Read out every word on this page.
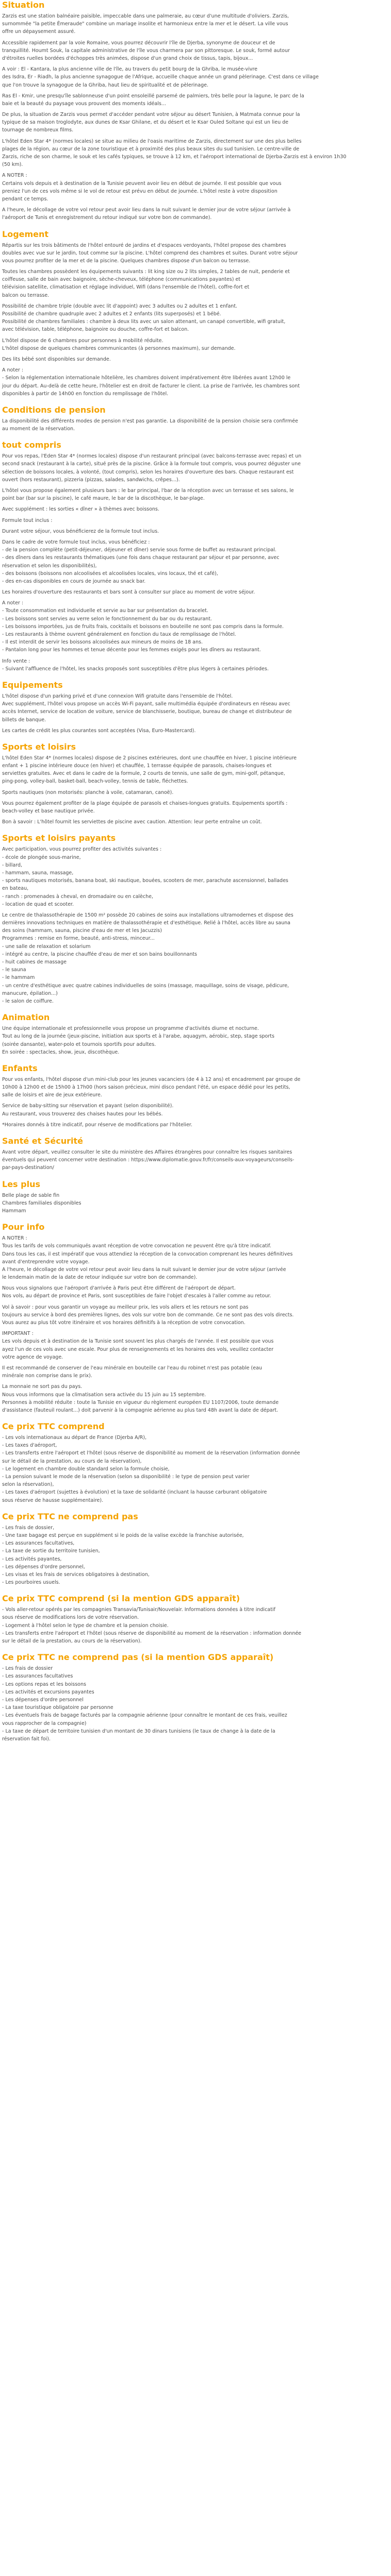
Situation

Zarzis est une station balnéaire paisible, impeccable dans une palmeraie, au cœur d'une multitude d'oliviers. Zarzis,
surnommée "la petite Émeraude" combine un mariage insolite et harmonieux entre la mer et le désert. La ville vous
offre un dépaysement assuré.

Accessible rapidement par la voie Romaine, vous pourrez découvrir l'île de Djerba, synonyme de douceur et de
tranquillité. Houmt Souk, la capitale administrative de l'île vous charmera par son pittoresque. Le souk, formé autour
d'étroites ruelles bordées d'échoppes très animées, dispose d'un grand choix de tissus, tapis, bijoux...

A voir : El - Kantara, la plus ancienne ville de l'île, au travers du petit bourg de la Ghriba, le musée-vivre
des Isdra, Er - Riadh, la plus ancienne synagogue de l'Afrique, accueille chaque année un grand pèlerinage. C'est dans ce village
que l'on trouve la synagogue de la Ghriba, haut lieu de spiritualité et de pèlerinage.

Ras El - Kmir, une presqu'île sablonneuse d'un point ensoleillé parsemé de palmiers, très belle pour la lagune, le parc de la
baie et la beauté du paysage vous prouvent des moments idéals...

De plus, la situation de Zarzis vous permet d'accéder pendant votre séjour au désert Tunisien, à Matmata connue pour la
typique de sa maison troglodyte, aux dunes de Ksar Ghilane, et du désert et le Ksar Ouled Soltane qui est un lieu de
tournage de nombreux films.

L'hôtel Eden Star 4* (normes locales) se situe au milieu de l'oasis maritime de Zarzis, directement sur une des plus belles
plages de la région, au cœur de la zone touristique et à proximité des plus beaux sites du sud tunisien. Le centre-ville de
Zarzis, riche de son charme, le souk et les cafés typiques, se trouve à 12 km, et l'aéroport international de Djerba-Zarzis est à environ 1h30
(50 km).

A NOTER :
Certains vols depuis et à destination de la Tunisie peuvent avoir lieu en début de journée. Il est possible que vous
preniez l'un de ces vols même si le vol de retour est prévu en début de journée. L'hôtel reste à votre disposition
pendant ce temps.

A l'heure, le décollage de votre vol retour peut avoir lieu dans la nuit suivant le dernier jour de votre séjour (arrivée à
l'aéroport de Tunis et enregistrement du retour indiqué sur votre bon de commande).

Logement

Répartis sur les trois bâtiments de l'hôtel entouré de jardins et d'espaces verdoyants, l'hôtel propose des chambres
doubles avec vue sur le jardin, tout comme sur la piscine. L'hôtel comprend des chambres et suites. Durant votre séjour
vous pourrez profiter de la mer et de la piscine. Quelques chambres dispose d'un balcon ou terrasse.

Toutes les chambres possèdent les équipements suivants : lit king size ou 2 lits simples, 2 tables de nuit, penderie et
coiffeuse, salle de bain avec baignoire, sèche-cheveux, téléphone (communications payantes) et
télévision satellite, climatisation et réglage individuel, Wifi (dans l'ensemble de l'hôtel), coffre-fort et
balcon ou terrasse.

Possibilité de chambre triple (double avec lit d'appoint) avec 3 adultes ou 2 adultes et 1 enfant.
Possibilité de chambre quadruple avec 2 adultes et 2 enfants (lits superposés) et 1 bébé.
Possibilité de chambres familiales : chambre à deux lits avec un salon attenant, un canapé convertible, wifi gratuit,
avec télévision, table, téléphone, baignoire ou douche, coffre-fort et balcon.

L'hôtel dispose de 6 chambres pour personnes à mobilité réduite.
L'hôtel dispose de quelques chambres communicantes (à personnes maximum), sur demande.

Des lits bébé sont disponibles sur demande.

A noter :
- Selon la réglementation internationale hôtelière, les chambres doivent impérativement être libérées avant 12h00 le
jour du départ. Au-delà de cette heure, l'hôtelier est en droit de facturer le client. La prise de l'arrivée, les chambres sont
disponibles à partir de 14h00 en fonction du remplissage de l'hôtel.

Conditions de pension

La disponibilité des différents modes de pension n'est pas garantie. La disponibilité de la pension choisie sera confirmée
au moment de la réservation.

tout compris

Pour vos repas, l'Eden Star 4* (normes locales) dispose d'un restaurant principal (avec balcons-terrasse avec repas) et un
second snack (restaurant à la carte), situé près de la piscine. Grâce à la formule tout compris, vous pourrez déguster une
sélection de boissons locales, à volonté, (tout compris), selon les horaires d'ouverture des bars. Chaque restaurant est
ouvert (hors restaurant), pizzeria (pizzas, salades, sandwichs, crêpes...).

L'hôtel vous propose également plusieurs bars : le bar principal, l'bar de la réception avec un terrasse et ses salons, le
point bar (bar sur la piscine), le café maure, le bar de la discothèque, le bar-plage.

Avec supplément : les sorties « dîner » à thèmes avec boissons.

Formule tout inclus :

Durant votre séjour, vous bénéficierez de la formule tout inclus.

Dans le cadre de votre formule tout inclus, vous bénéficiez :
- de la pension complète (petit-déjeuner, déjeuner et dîner) servie sous forme de buffet au restaurant principal.
- des dîners dans les restaurants thématiques (une fois dans chaque restaurant par séjour et par personne, avec
réservation et selon les disponibilités),
- des boissons (boissons non alcoolisées et alcoolisées locales, vins locaux, thé et café),
- des en-cas disponibles en cours de journée au snack bar.

Les horaires d'ouverture des restaurants et bars sont à consulter sur place au moment de votre séjour.

A noter :
- Toute consommation est individuelle et servie au bar sur présentation du bracelet.
- Les boissons sont servies au verre selon le fonctionnement du bar ou du restaurant.
- Les boissons importées, jus de fruits frais, cocktails et boissons en bouteille ne sont pas compris dans la formule.
- Les restaurants à thème ouvrent généralement en fonction du taux de remplissage de l'hôtel.
- Il est interdit de servir les boissons alcoolisées aux mineurs de moins de 18 ans.
- Pantalon long pour les hommes et tenue décente pour les femmes exigés pour les dîners au restaurant.

Info vente :
- Suivant l'affluence de l'hôtel, les snacks proposés sont susceptibles d'être plus légers à certaines périodes.

Equipements

L'hôtel dispose d'un parking privé et d'une connexion Wifi gratuite dans l'ensemble de l'hôtel.
Avec supplément, l'hôtel vous propose un accès Wi-Fi payant, salle multimédia équipée d'ordinateurs en réseau avec
accès Internet, service de location de voiture, service de blanchisserie, boutique, bureau de change et distributeur de
billets de banque.

Les cartes de crédit les plus courantes sont acceptées (Visa, Euro-Mastercard).

Sports et loisirs

L'hôtel Eden Star 4* (normes locales) dispose de 2 piscines extérieures, dont une chauffée en hiver, 1 piscine intérieure
enfant + 1 piscine intérieure douce (en hiver) et chauffée, 1 terrasse équipée de parasols, chaises-longues et
serviettes gratuites. Avec et dans le cadre de la formule, 2 courts de tennis, une salle de gym, mini-golf, pétanque,
ping-pong, volley-ball, basket-ball, beach-volley, tennis de table, fléchettes.

Sports nautiques (non motorisés: planche à voile, catamaran, canoë).

Vous pourrez également profiter de la plage équipée de parasols et chaises-longues gratuits. Equipements sportifs :
beach-volley et base nautique privée.

Bon à savoir : L'hôtel fournit les serviettes de piscine avec caution. Attention: leur perte entraîne un coût.

Sports et loisirs payants

Avec participation, vous pourrez profiter des activités suivantes :
- école de plongée sous-marine,
- billard,
- hammam, sauna, massage,
- sports nautiques motorisés, banana boat, ski nautique, bouées, scooters de mer, parachute ascensionnel, ballades
en bateau,
- ranch : promenades à cheval, en dromadaire ou en calèche,
- location de quad et scooter.

Le centre de thalassothérapie de 1500 m² possède 20 cabines de soins aux installations ultramodernes et dispose des
dernières innovations techniques en matière de thalassothérapie et d'esthétique. Relié à l'hôtel, accès libre au sauna
des soins (hammam, sauna, piscine d'eau de mer et les Jacuzzis)
Programmes : remise en forme, beauté, anti-stress, minceur...
- une salle de relaxation et solarium
- intégré au centre, la piscine chauffée d'eau de mer et son bains bouillonnants
- huit cabines de massage
- le sauna
- le hammam
- un centre d'esthétique avec quatre cabines individuelles de soins (massage, maquillage, soins de visage, pédicure,
manucure, épilation...)
- le salon de coiffure.

Animation

Une équipe internationale et professionnelle vous propose un programme d'activités diurne et nocturne.
Tout au long de la journée (jeux-piscine, initiation aux sports et à l'arabe, aquagym, aérobic, step, stage sports
(soirée dansante), water-polo et tournois sportifs pour adultes.
En soirée : spectacles, show, jeux, discothèque.

Enfants

Pour vos enfants, l'hôtel dispose d'un mini-club pour les jeunes vacanciers (de 4 à 12 ans) et encadrement par groupe de
10h00 à 12h00 et de 15h00 à 17h00 (hors saison précieux, mini disco pendant l'été, un espace dédié pour les petits,
salle de loisirs et aire de jeux extérieure.

Service de baby-sitting sur réservation et payant (selon disponibilité).
Au restaurant, vous trouverez des chaises hautes pour les bébés.

*Horaires donnés à titre indicatif, pour réserve de modifications par l'hôtelier.

Santé et Sécurité

Avant votre départ, veuillez consulter le site du ministère des Affaires étrangères pour connaître les risques sanitaires
éventuels qui peuvent concerner votre destination : https://www.diplomatie.gouv.fr/fr/conseils-aux-voyageurs/conseils-
par-pays-destination/

Les plus

Belle plage de sable fin
Chambres familiales disponibles
Hammam

Pour info

A NOTER :
Tous les tarifs de vols communiqués avant réception de votre convocation ne peuvent être qu'à titre indicatif.
Dans tous les cas, il est impératif que vous attendiez la réception de la convocation comprenant les heures définitives
avant d'entreprendre votre voyage.
A l'heure, le décollage de votre vol retour peut avoir lieu dans la nuit suivant le dernier jour de votre séjour (arrivée
le lendemain matin de la date de retour indiquée sur votre bon de commande).

Nous vous signalons que l'aéroport d'arrivée à Paris peut être différent de l'aéroport de départ.
Nos vols, au départ de province et Paris, sont susceptibles de faire l'objet d'escales à l'aller comme au retour.

Vol à savoir : pour vous garantir un voyage au meilleur prix, les vols allers et les retours ne sont pas
toujours au service à bord des premières lignes, des vols sur votre bon de commande. Ce ne sont pas des vols directs.
Vous aurez au plus tôt votre itinéraire et vos horaires définitifs à la réception de votre convocation.

IMPORTANT :
Les vols depuis et à destination de la Tunisie sont souvent les plus chargés de l'année. Il est possible que vous
ayez l'un de ces vols avec une escale. Pour plus de renseignements et les horaires des vols, veuillez contacter
votre agence de voyage.

Il est recommandé de conserver de l'eau minérale en bouteille car l'eau du robinet n'est pas potable (eau
minérale non comprise dans le prix).

La monnaie ne sort pas du pays.
Nous vous informons que la climatisation sera activée du 15 juin au 15 septembre.
Personnes à mobilité réduite : toute la Tunisie en vigueur du règlement européen EU 1107/2006, toute demande
d'assistance (fauteuil roulant...) doit parvenir à la compagnie aérienne au plus tard 48h avant la date de départ.

Ce prix TTC comprend

- Les vols internationaux au départ de France (Djerba A/R),
- Les taxes d'aéroport,
- Les transferts entre l'aéroport et l'hôtel (sous réserve de disponibilité au moment de la réservation (information donnée
sur le détail de la prestation, au cours de la réservation),
- Le logement en chambre double standard selon la formule choisie,
- La pension suivant le mode de la réservation (selon sa disponibilité : le type de pension peut varier
selon la réservation),
- Les taxes d'aéroport (sujettes à évolution) et la taxe de solidarité (incluant la hausse carburant obligatoire
sous réserve de hausse supplémentaire).

Ce prix TTC ne comprend pas

- Les frais de dossier,
- Une taxe bagage est perçue en supplément si le poids de la valise excède la franchise autorisée,
- Les assurances facultatives,
- La taxe de sortie du territoire tunisien,
- Les activités payantes,
- Les dépenses d'ordre personnel,
- Les visas et les frais de services obligatoires à destination,
- Les pourboires usuels.

Ce prix TTC comprend (si la mention GDS apparaît)

- Vols aller-retour opérés par les compagnies Transavia/Tunisair/Nouvelair. Informations données à titre indicatif
sous réserve de modifications lors de votre réservation.
- Logement à l'hôtel selon le type de chambre et la pension choisie.
- Les transferts entre l'aéroport et l'hôtel (sous réserve de disponibilité au moment de la réservation : information donnée
sur le détail de la prestation, au cours de la réservation).

Ce prix TTC ne comprend pas (si la mention GDS apparaît)

- Les frais de dossier
- Les assurances facultatives
- Les options repas et les boissons
- Les activités et excursions payantes
- Les dépenses d'ordre personnel
- La taxe touristique obligatoire par personne
- Les éventuels frais de bagage facturés par la compagnie aérienne (pour connaître le montant de ces frais, veuillez
vous rapprocher de la compagnie)
- La taxe de départ de territoire tunisien d'un montant de 30 dinars tunisiens (le taux de change à la date de la
réservation fait foi).
